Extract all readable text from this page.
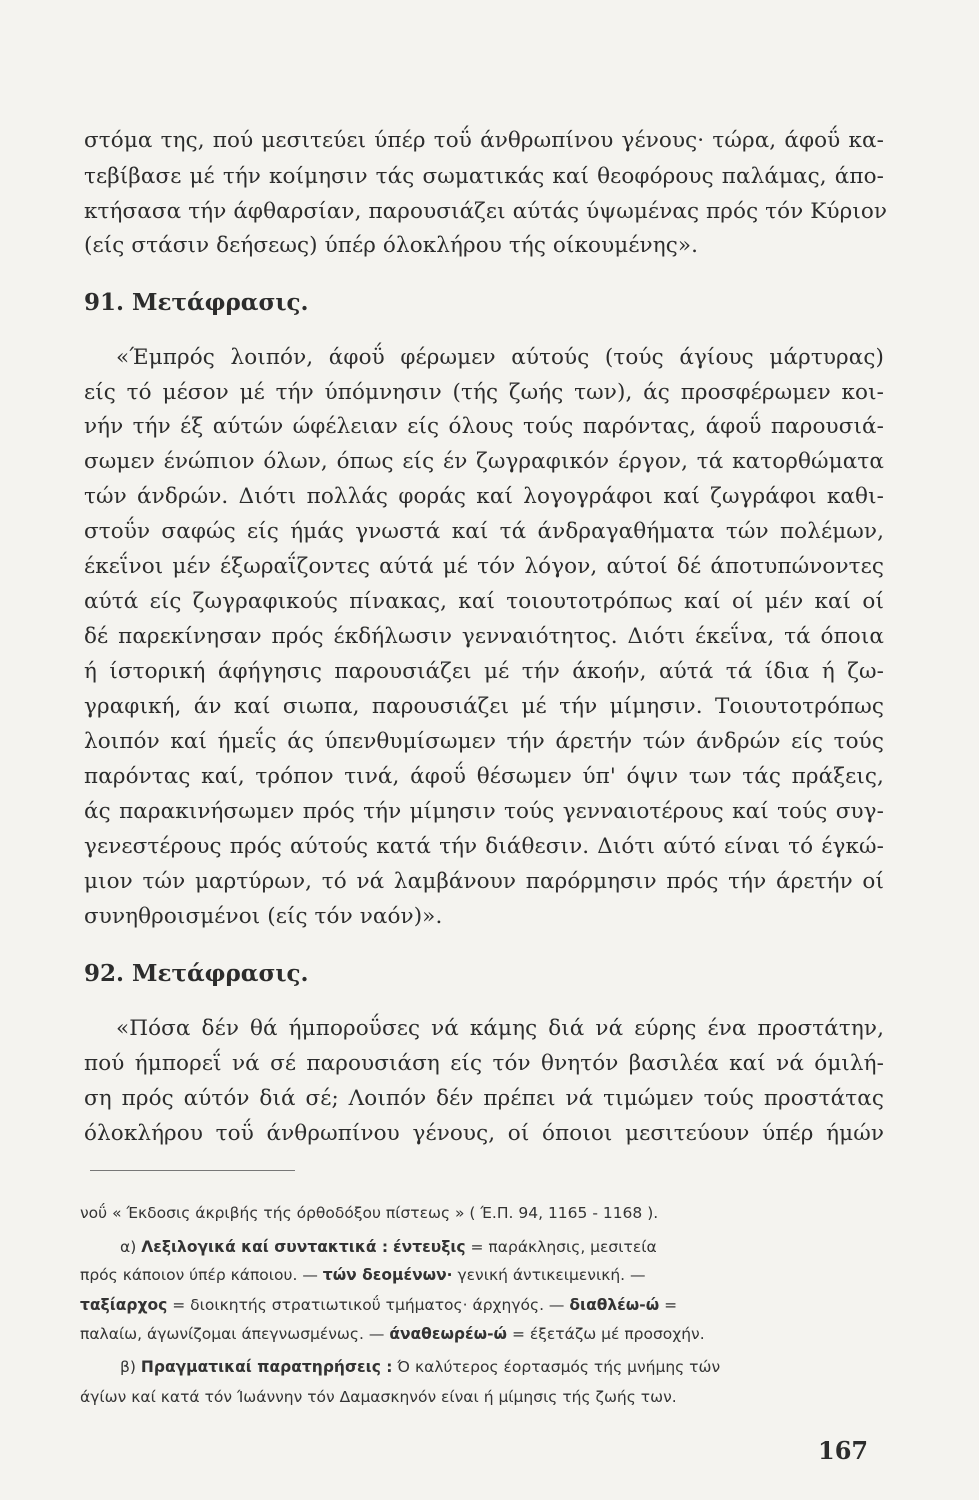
στόμα της, πού μεσιτεύει ύπέρ τοΰ άνθρωπίνου γένους· τώρα, άφοΰ κα-
τεβίβασε μέ τήν κοίμησιν τάς σωματικάς καί θεοφόρους παλάμας, άπο-
κτήσασα τήν άφθαρσίαν, παρουσιάζει αύτάς ύψωμένας πρός τόν Κύριον
(είς στάσιν δεήσεως) ύπέρ όλοκλήρου τής οίκουμένης».
91. Μετάφρασις.
«Έμπρός λοιπόν, άφοΰ φέρωμεν αύτούς (τούς άγίους μάρτυρας)
είς τό μέσον μέ τήν ύπόμνησιν (τής ζωής των), άς προσφέρωμεν κοι-
νήν τήν έξ αύτών ώφέλειαν είς όλους τούς παρόντας, άφοΰ παρουσιά-
σωμεν ένώπιον όλων, όπως είς έν ζωγραφικόν έργον, τά κατορθώματα
τών άνδρών. Διότι πολλάς φοράς καί λογογράφοι καί ζωγράφοι καθι-
στοΰν σαφώς είς ήμάς γνωστά καί τά άνδραγαθήματα τών πολέμων,
έκεΐνοι μέν έξωραΐζοντες αύτά μέ τόν λόγον, αύτοί δέ άποτυπώνοντες
αύτά είς ζωγραφικούς πίνακας, καί τοιουτοτρόπως καί οί μέν καί οί
δέ παρεκίνησαν πρός έκδήλωσιν γενναιότητος. Διότι έκεΐνα, τά όποια
ή ίστορική άφήγησις παρουσιάζει μέ τήν άκοήν, αύτά τά ίδια ή ζω-
γραφική, άν καί σιωπα, παρουσιάζει μέ τήν μίμησιν. Τοιουτοτρόπως
λοιπόν καί ήμεΐς άς ύπενθυμίσωμεν τήν άρετήν τών άνδρών είς τούς
παρόντας καί, τρόπον τινά, άφοΰ θέσωμεν ύπ' όψιν των τάς πράξεις,
άς παρακινήσωμεν πρός τήν μίμησιν τούς γενναιοτέρους καί τούς συγ-
γενεστέρους πρός αύτούς κατά τήν διάθεσιν. Διότι αύτό είναι τό έγκώ-
μιον τών μαρτύρων, τό νά λαμβάνουν παρόρμησιν πρός τήν άρετήν οί
συνηθροισμένοι (είς τόν ναόν)».
92. Μετάφρασις.
«Πόσα δέν θά ήμποροΰσες νά κάμης διά νά εύρης ένα προστάτην,
πού ήμπορεΐ νά σέ παρουσιάση είς τόν θνητόν βασιλέα καί νά όμιλή-
ση πρός αύτόν διά σέ; Λοιπόν δέν πρέπει νά τιμώμεν τούς προστάτας
όλοκλήρου τοΰ άνθρωπίνου γένους, οί όποιοι μεσιτεύουν ύπέρ ήμών
νοΰ « Έκδοσις άκριβής τής όρθοδόξου πίστεως » ( Έ.Π. 94, 1165 - 1168 ).
α) Λεξιλογικά καί συντακτικά : έντευξις = παράκλησις, μεσιτεία
πρός κάποιον ύπέρ κάποιου. — τών δεομένων· γενική άντικειμενική. —
ταξίαρχος = διοικητής στρατιωτικοΰ τμήματος· άρχηγός. — διαθλέω-ώ =
παλαίω, άγωνίζομαι άπεγνωσμένως. — άναθεωρέω-ώ = έξετάζω μέ προσοχήν.
β) Πραγματικαί παρατηρήσεις : Ό καλύτερος έορτασμός τής μνήμης τών
άγίων καί κατά τόν Ίωάννην τόν Δαμασκηνόν είναι ή μίμησις τής ζωής των.
167
